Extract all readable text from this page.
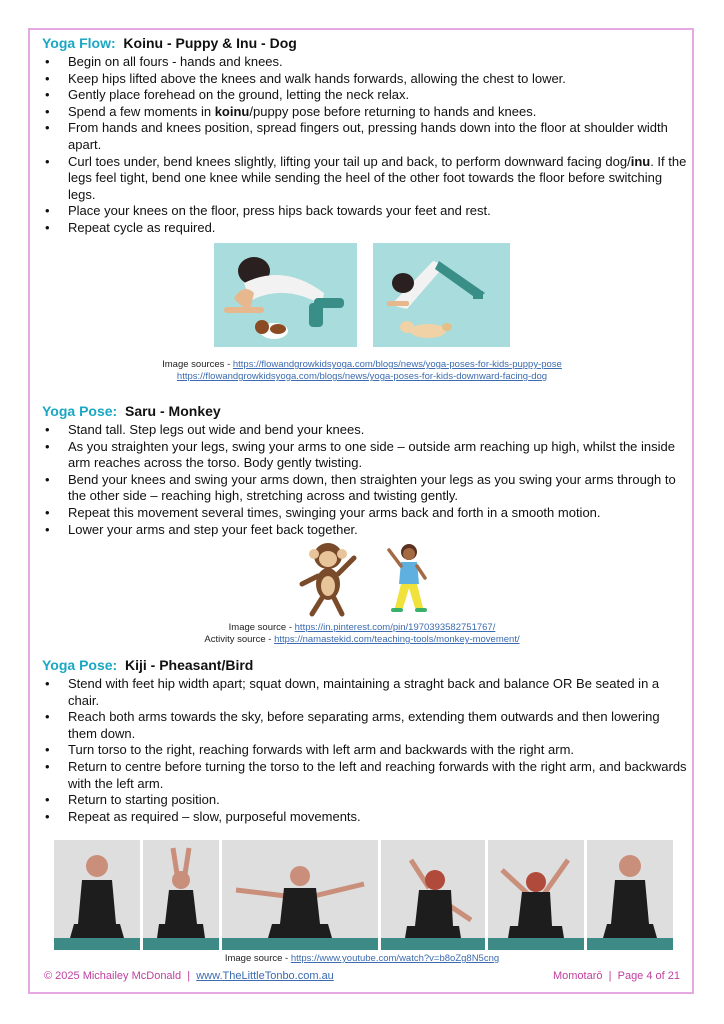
Yoga Flow: Koinu - Puppy & Inu - Dog
• Begin on all fours - hands and knees.
• Keep hips lifted above the knees and walk hands forwards, allowing the chest to lower.
• Gently place forehead on the ground, letting the neck relax.
• Spend a few moments in koinu/puppy pose before returning to hands and knees.
• From hands and knees position, spread fingers out, pressing hands down into the floor at shoulder width apart.
• Curl toes under, bend knees slightly, lifting your tail up and back, to perform downward facing dog/inu. If the legs feel tight, bend one knee while sending the heel of the other foot towards the floor before switching legs.
• Place your knees on the floor, press hips back towards your feet and rest.
• Repeat cycle as required.
Image sources - https://flowandgrowkidsyoga.com/blogs/news/yoga-poses-for-kids-puppy-pose
https://flowandgrowkidsyoga.com/blogs/news/yoga-poses-for-kids-downward-facing-dog
Yoga Pose: Saru - Monkey
• Stand tall. Step legs out wide and bend your knees.
• As you straighten your legs, swing your arms to one side – outside arm reaching up high, whilst the inside arm reaches across the torso. Body gently twisting.
• Bend your knees and swing your arms down, then straighten your legs as you swing your arms through to the other side – reaching high, stretching across and twisting gently.
• Repeat this movement several times, swinging your arms back and forth in a smooth motion.
• Lower your arms and step your feet back together.
Image source - https://in.pinterest.com/pin/1970393582751767/
Activity source - https://namastekid.com/teaching-tools/monkey-movement/
Yoga Pose: Kiji - Pheasant/Bird
• Stend with feet hip width apart; squat down, maintaining a straght back and balance OR Be seated in a chair.
• Reach both arms towards the sky, before separating arms, extending them outwards and then lowering them down.
• Turn torso to the right, reaching forwards with left arm and backwards with the right arm.
• Return to centre before turning the torso to the left and reaching forwards with the right arm, and backwards with the left arm.
• Return to starting position.
• Repeat as required – slow, purposeful movements.
Image source - https://www.youtube.com/watch?v=b8oZg8N5cng
© 2025 Michailey McDonald | www.TheLittleTonbo.com.au	Momotarō | Page 4 of 21
